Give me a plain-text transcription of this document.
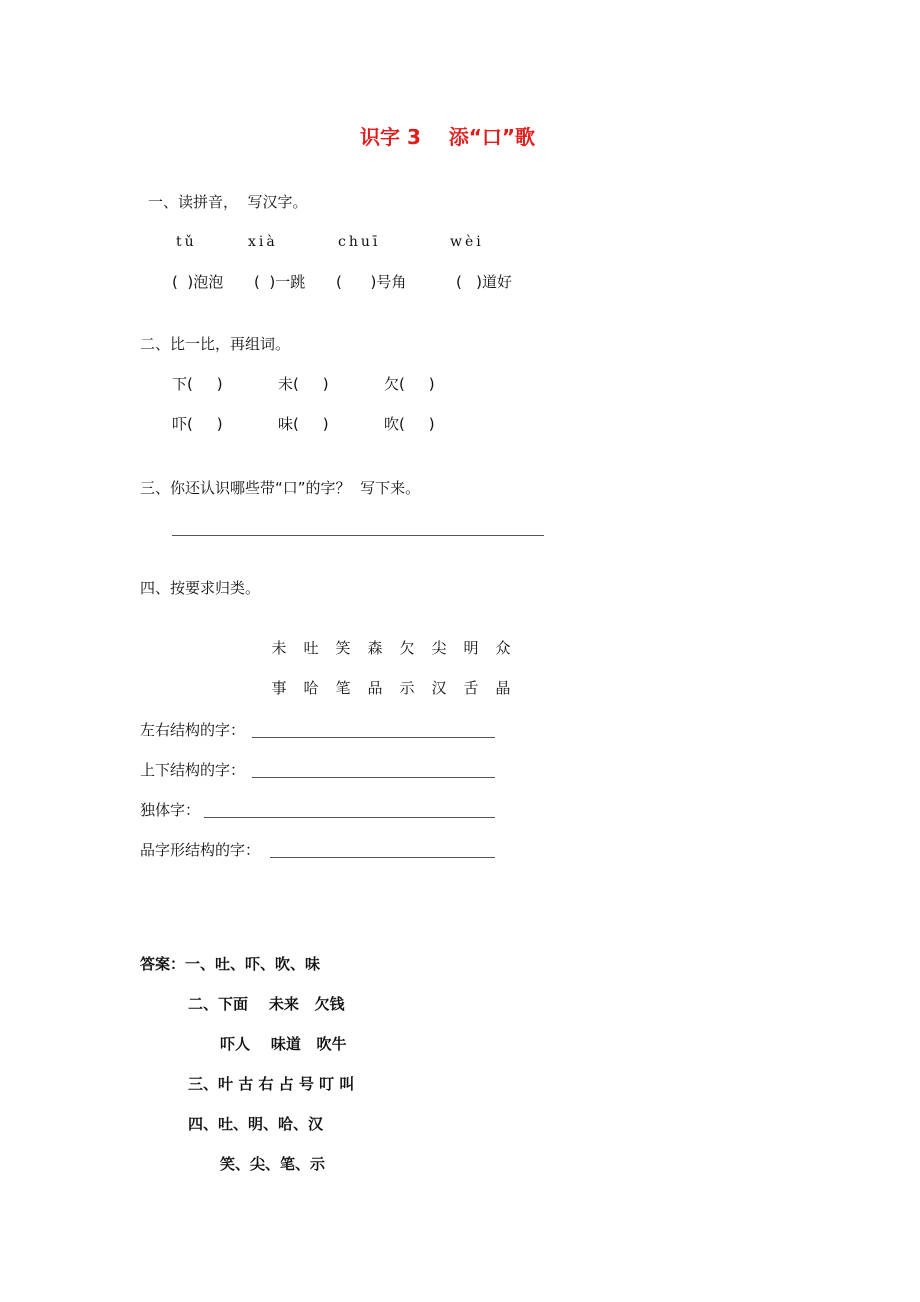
识字 3    添“口”歌
一、读拼音，  写汉字。
tǔ	xià	chuī	wèi
(  )泡泡 (  )一跳 (      )号角	(   )道好
二、比一比，再组词。
下(     )	未(     )	欠(     )
吓(     )	味(     )	吹(     )
三、你还认识哪些带“口”的字？  写下来。
四、按要求归类。

未 吐 笑 森 欠 尖 明 众

事 哈 笔 品 示 汉 舌 晶

左右结构的字：
上下结构的字：
独体字：
品字形结构的字：
答案：一、吐、吓、吹、味
二、下面    未来   欠钱
吓人    味道   吹牛
三、叶 古 右 占 号 叮 叫
四、吐、明、哈、汉
笑、尖、笔、示
